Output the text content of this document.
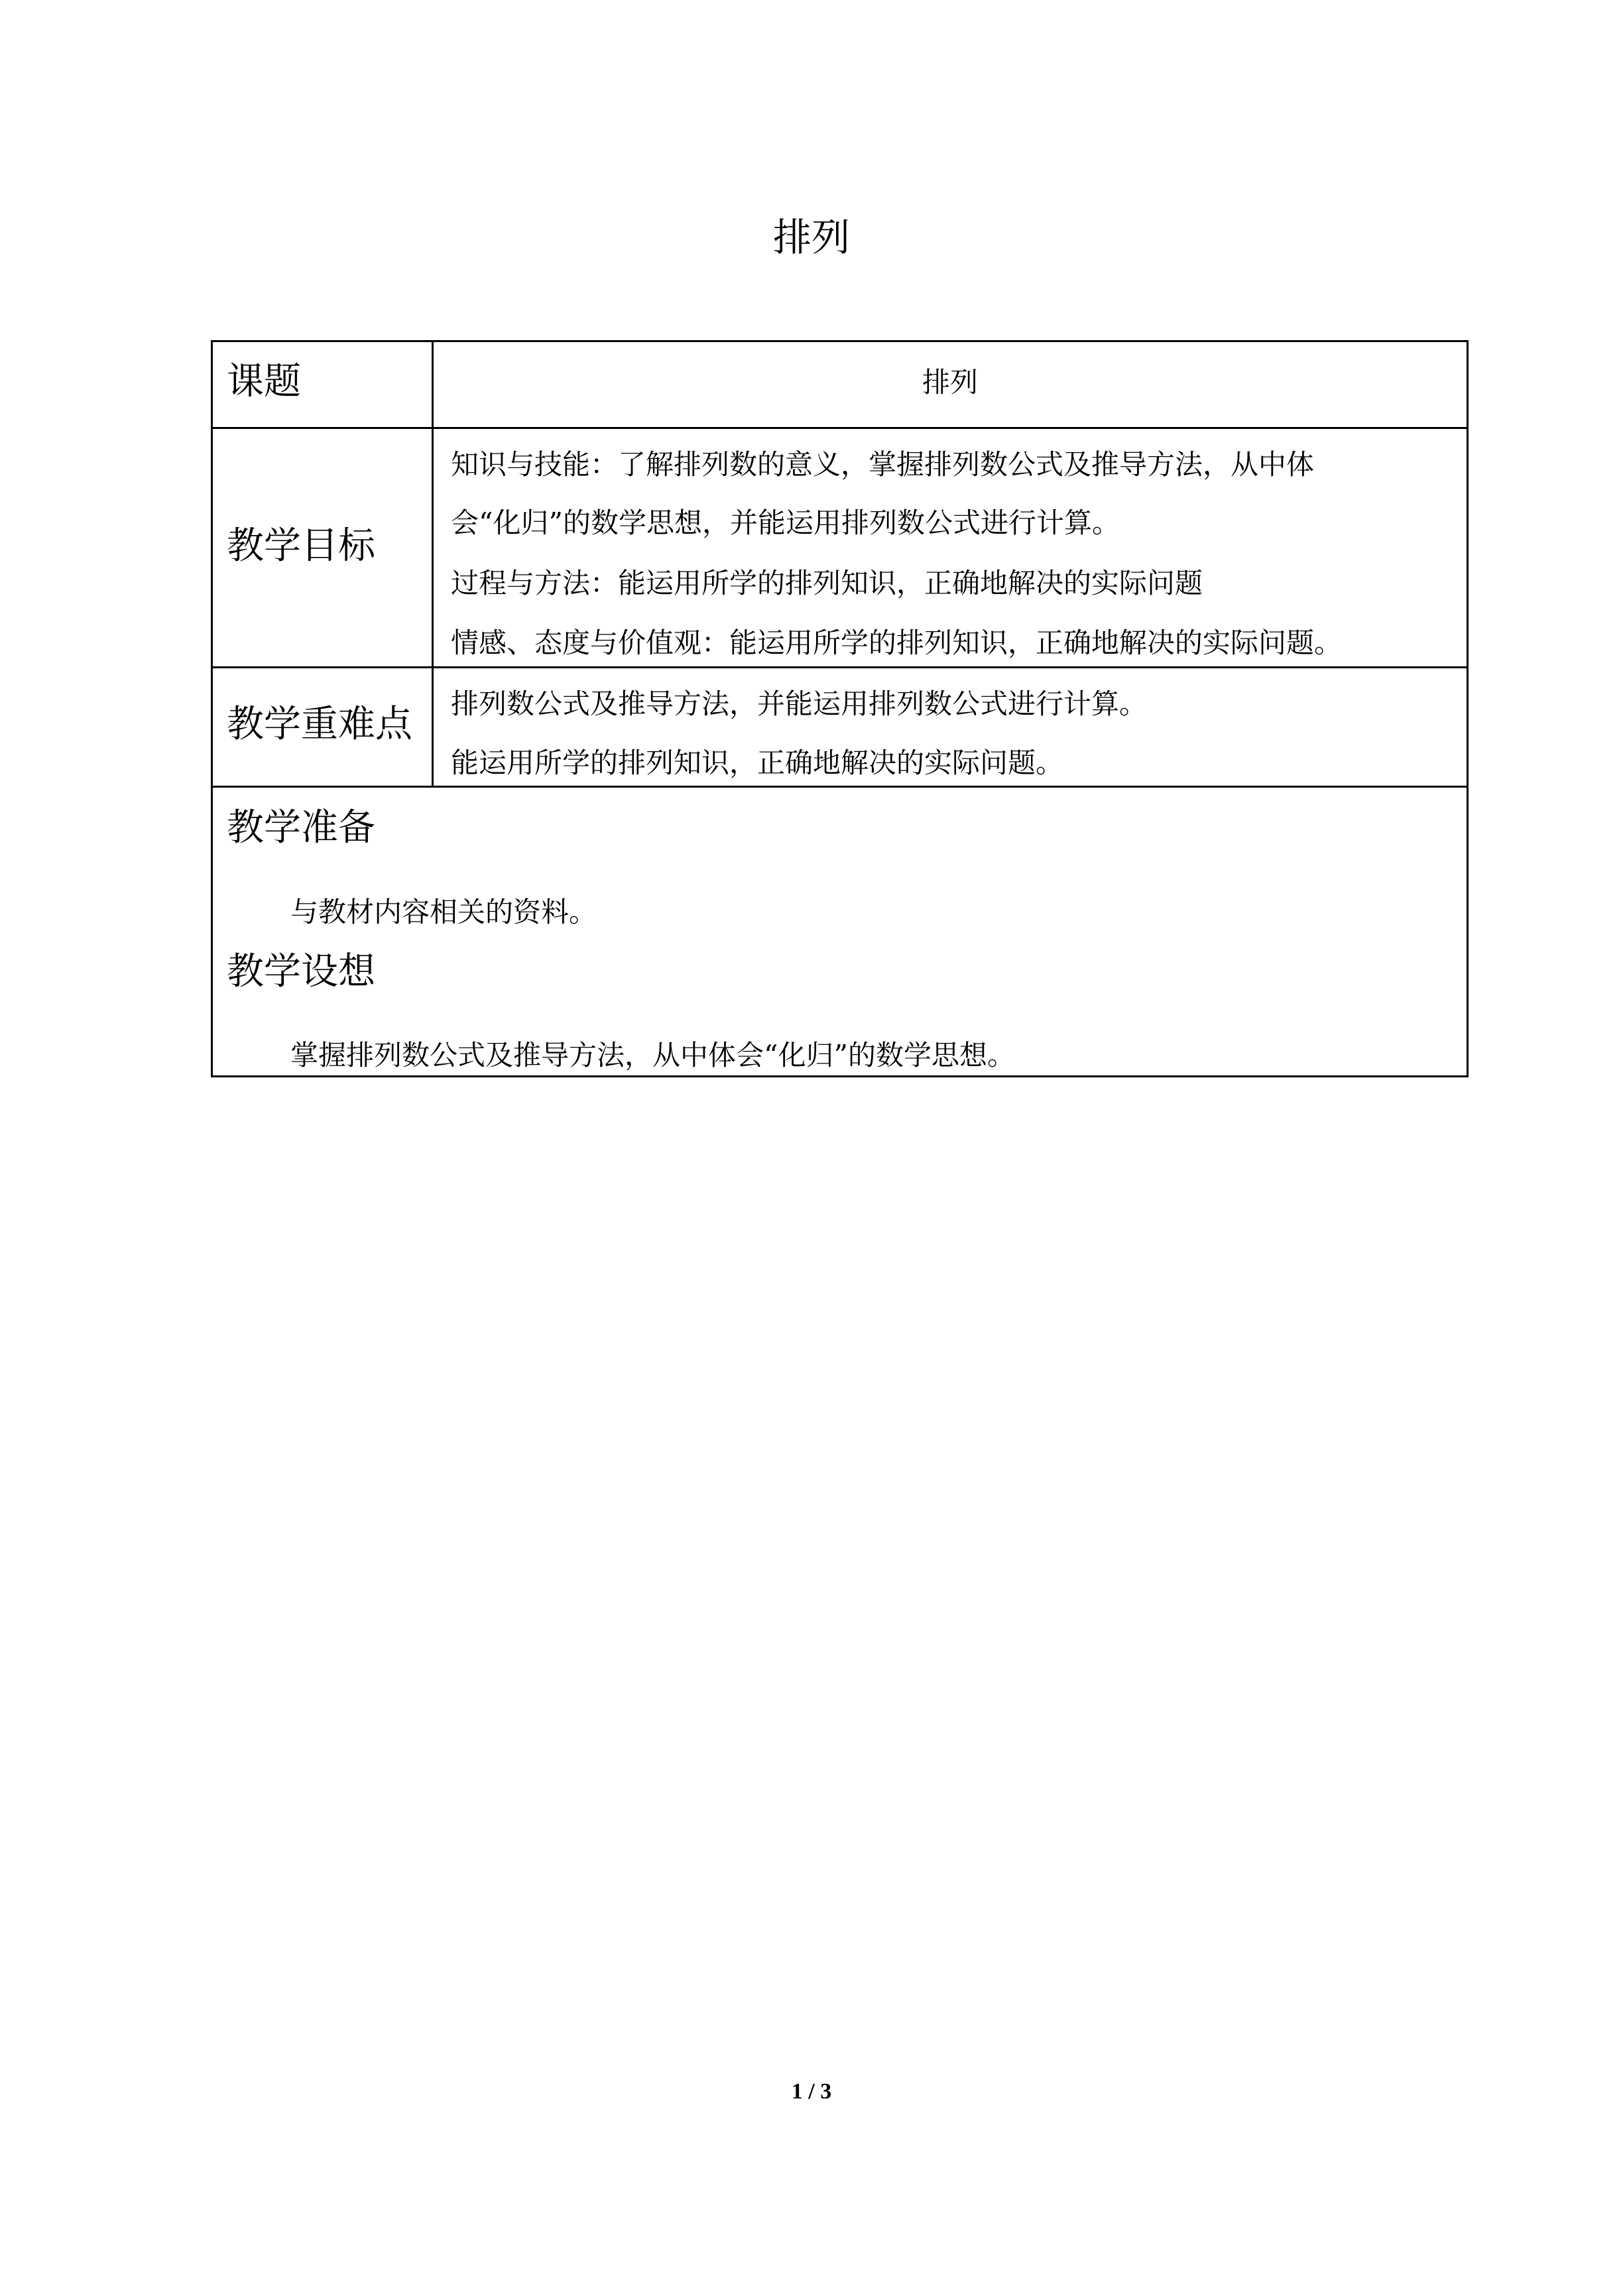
排列
课题	排列
教学目标
知识与技能：了解排列数的意义，掌握排列数公式及推导方法，从中体
会“化归”的数学思想，并能运用排列数公式进行计算。
过程与方法：能运用所学的排列知识，正确地解决的实际问题
情感、态度与价值观：能运用所学的排列知识，正确地解决的实际问题。
教学重难点 排列数公式及推导方法，并能运用排列数公式进行计算。
能运用所学的排列知识，正确地解决的实际问题。
教学准备
与教材内容相关的资料。
教学设想
掌握排列数公式及推导方法，从中体会“化归”的数学思想。
1 / 3
